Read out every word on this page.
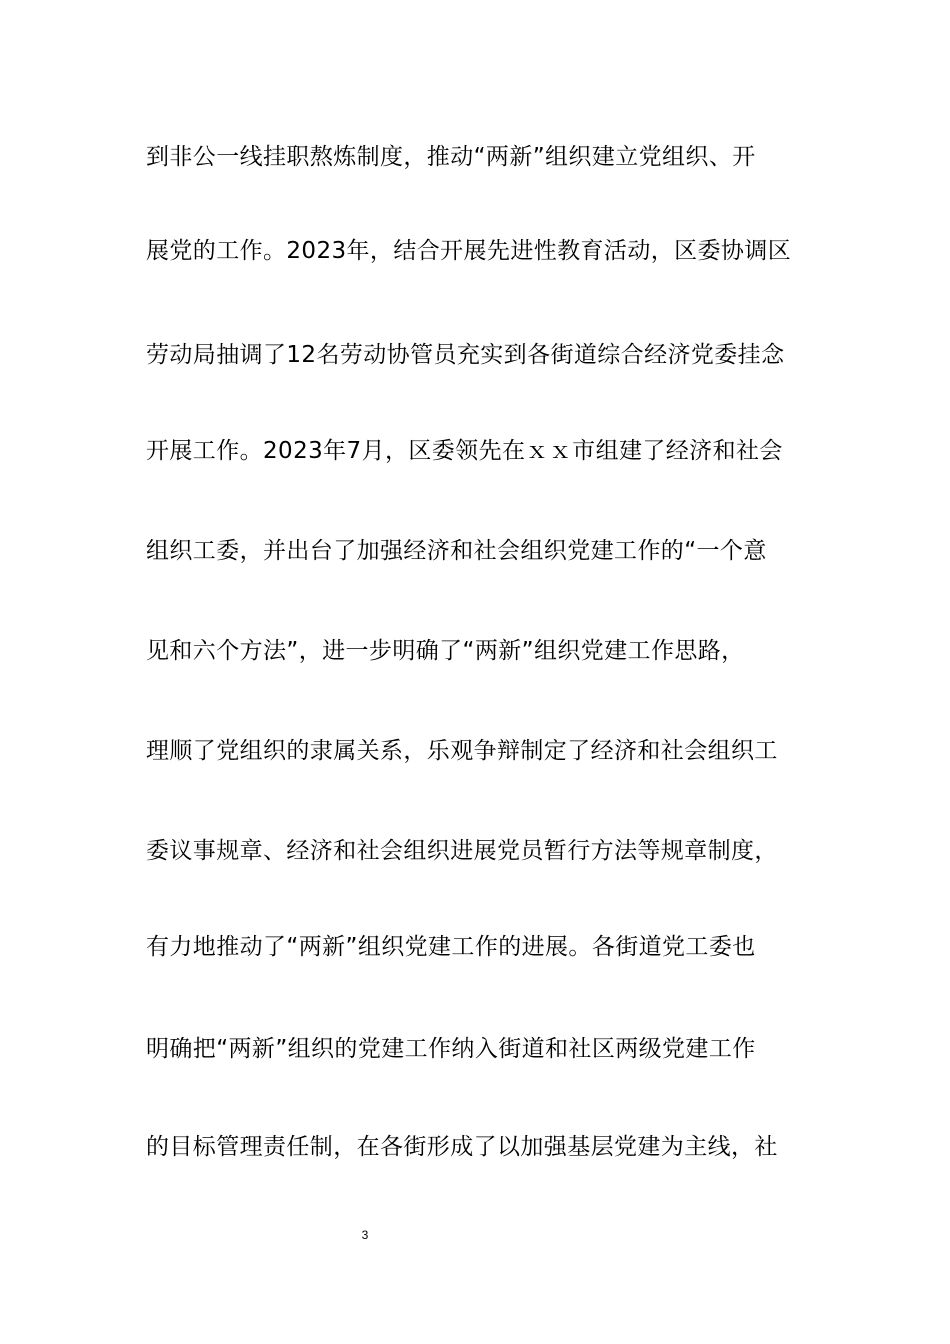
到非公一线挂职熬炼制度，推动“两新”组织建立党组织、开
展党的工作。2023年，结合开展先进性教育活动，区委协调区
劳动局抽调了12名劳动协管员充实到各街道综合经济党委挂念
开展工作。2023年7月，区委领先在ｘｘ市组建了经济和社会
组织工委，并出台了加强经济和社会组织党建工作的“一个意
见和六个方法”，进一步明确了“两新”组织党建工作思路，
理顺了党组织的隶属关系，乐观争辩制定了经济和社会组织工
委议事规章、经济和社会组织进展党员暂行方法等规章制度，
有力地推动了“两新”组织党建工作的进展。各街道党工委也
明确把“两新”组织的党建工作纳入街道和社区两级党建工作
的目标管理责任制，在各街形成了以加强基层党建为主线，社
3
